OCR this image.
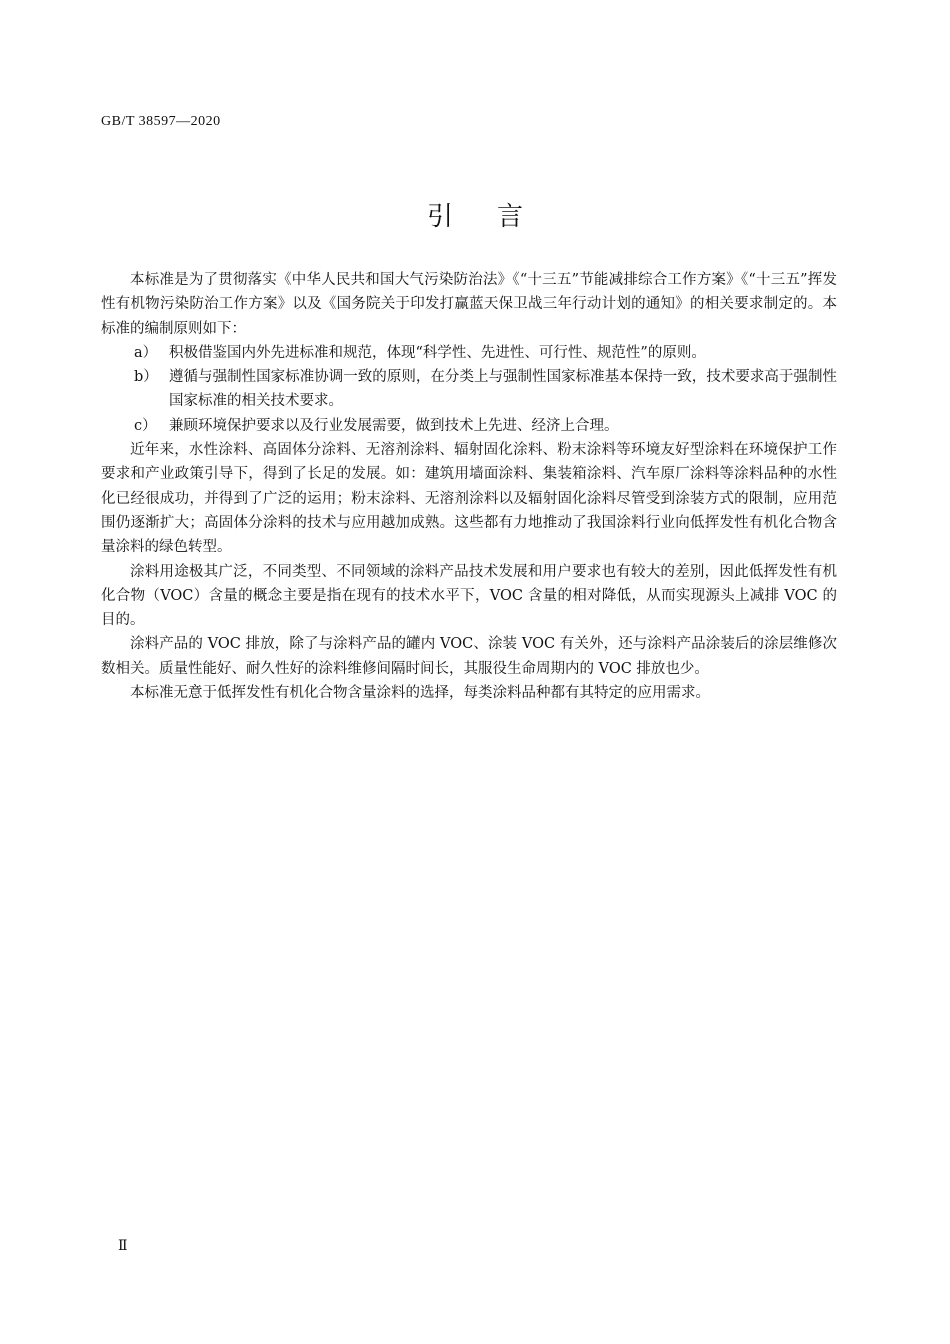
GB/T 38597—2020
引言

本标准是为了贯彻落实《中华人民共和国大气污染防治法》《“十三五”节能减排综合工作方案》《“十三五”挥发性有机物污染防治工作方案》以及《国务院关于印发打赢蓝天保卫战三年行动计划的通知》的相关要求制定的。本标准的编制原则如下：

a） 积极借鉴国内外先进标准和规范，体现“科学性、先进性、可行性、规范性”的原则。
b） 遵循与强制性国家标准协调一致的原则，在分类上与强制性国家标准基本保持一致，技术要求高于强制性国家标准的相关技术要求。
c） 兼顾环境保护要求以及行业发展需要，做到技术上先进、经济上合理。

近年来，水性涂料、高固体分涂料、无溶剂涂料、辐射固化涂料、粉末涂料等环境友好型涂料在环境保护工作要求和产业政策引导下，得到了长足的发展。如：建筑用墙面涂料、集装箱涂料、汽车原厂涂料等涂料品种的水性化已经很成功，并得到了广泛的运用；粉末涂料、无溶剂涂料以及辐射固化涂料尽管受到涂装方式的限制，应用范围仍逐渐扩大；高固体分涂料的技术与应用越加成熟。这些都有力地推动了我国涂料行业向低挥发性有机化合物含量涂料的绿色转型。

涂料用途极其广泛，不同类型、不同领域的涂料产品技术发展和用户要求也有较大的差别，因此低挥发性有机化合物（VOC）含量的概念主要是指在现有的技术水平下，VOC 含量的相对降低，从而实现源头上减排 VOC 的目的。

涂料产品的 VOC 排放，除了与涂料产品的罐内 VOC、涂装 VOC 有关外，还与涂料产品涂装后的涂层维修次数相关。质量性能好、耐久性好的涂料维修间隔时间长，其服役生命周期内的 VOC 排放也少。

本标准无意于低挥发性有机化合物含量涂料的选择，每类涂料品种都有其特定的应用需求。

Ⅱ
